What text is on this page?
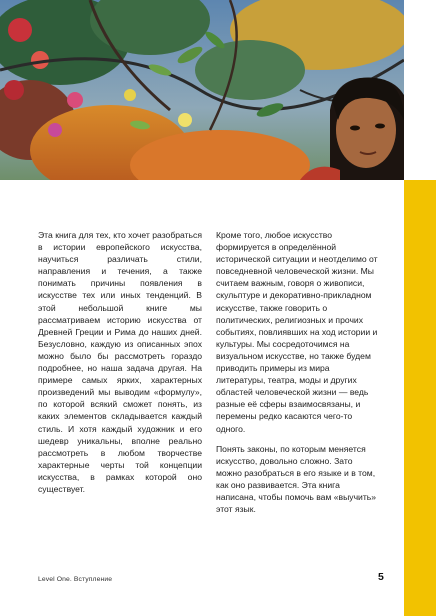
Эта книга для тех, кто хочет разобраться в истории европейского искусства, научиться различать стили, направления и течения, а также понимать причины появления в искусстве тех или иных тенденций. В этой небольшой книге мы рассматриваем историю искусства от Древней Греции и Рима до наших дней. Безусловно, каждую из описанных эпох можно было бы рассмотреть гораздо подробнее, но наша задача другая. На примере самых ярких, характерных произведений мы выводим «формулу», по которой всякий сможет понять, из каких элементов складывается каждый стиль. И хотя каждый художник и его шедевр уникальны, вполне реально рассмотреть в любом творчестве характерные черты той концепции искусства, в рамках которой оно существует.

Кроме того, любое искусство формируется в определённой исторической ситуации и неотделимо от повседневной человеческой жизни. Мы считаем важным, говоря о живописи, скульптуре и декоративно-прикладном искусстве, также говорить о политических, религиозных и прочих событиях, повлиявших на ход истории и культуры. Мы сосредоточимся на визуальном искусстве, но также будем приводить примеры из мира литературы, театра, моды и других областей человеческой жизни — ведь разные её сферы взаимосвязаны, и перемены редко касаются чего-то одного.

Понять законы, по которым меняется искусство, довольно сложно. Зато можно разобраться в его языке и в том, как оно развивается. Эта книга написана, чтобы помочь вам «выучить» этот язык.

Level One. Вступление	5
